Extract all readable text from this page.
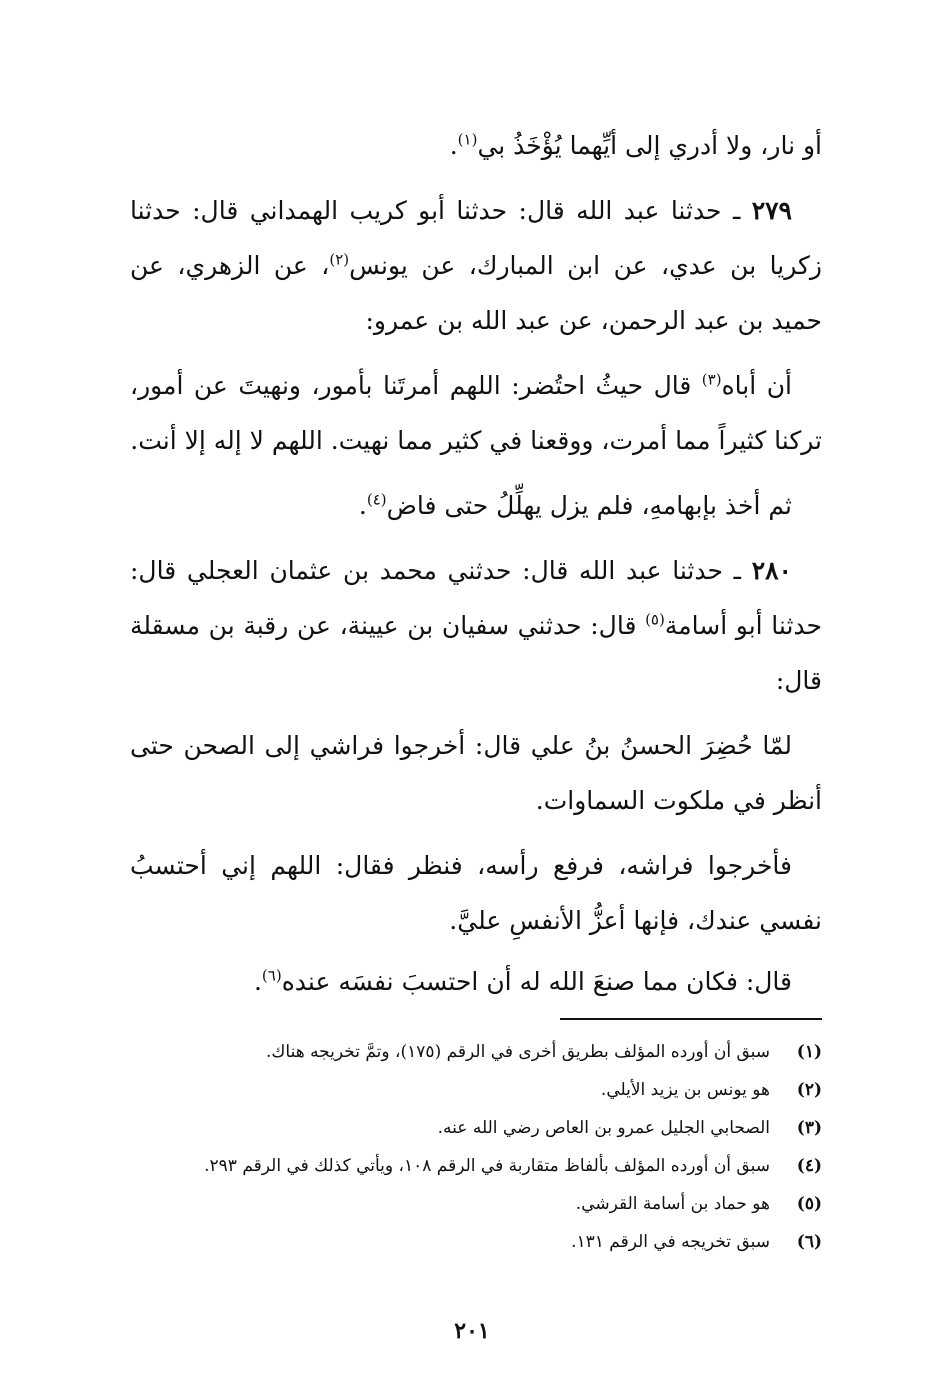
أو نار، ولا أدري إلى أيِّهما يُؤْخَذُ بي$^{(١)}$.

٢٧٩ ـ حدثنا عبد الله قال: حدثنا أبو كريب الهمداني قال: حدثنا زكريا بن عدي، عن ابن المبارك، عن يونس$^{(٢)}$، عن الزهري، عن حميد بن عبد الرحمن، عن عبد الله بن عمرو:

أن أباه$^{(٣)}$ قال حيثُ احتُضر: اللهم أمرتَنا بأمور، ونهيتَ عن أمور، تركنا كثيراً مما أمرت، ووقعنا في كثير مما نهيت. اللهم لا إله إلا أنت.

ثم أخذ بإبهامهِ، فلم يزل يهلِّلُ حتى فاض$^{(٤)}$.

٢٨٠ ـ حدثنا عبد الله قال: حدثني محمد بن عثمان العجلي قال: حدثنا أبو أسامة$^{(٥)}$ قال: حدثني سفيان بن عيينة، عن رقبة بن مسقلة قال:

لمّا حُضِرَ الحسنُ بنُ علي قال: أخرجوا فراشي إلى الصحن حتى أنظر في ملكوت السماوات.

فأخرجوا فراشه، فرفع رأسه، فنظر فقال: اللهم إني أحتسبُ نفسي عندك، فإنها أعزُّ الأنفسِ عليَّ.

قال: فكان مما صنعَ الله له أن احتسبَ نفسَه عنده$^{(٦)}$.

(١)
سبق أن أورده المؤلف بطريق أخرى في الرقم (١٧٥)، وتمَّ تخريجه هناك.
(٢)
هو يونس بن يزيد الأيلي.
(٣)
الصحابي الجليل عمرو بن العاص رضي الله عنه.
(٤)
سبق أن أورده المؤلف بألفاظ متقاربة في الرقم ١٠٨، ويأتي كذلك في الرقم ٢٩٣.
(٥)
هو حماد بن أسامة القرشي.
(٦)
سبق تخريجه في الرقم ١٣١.
٢٠١
